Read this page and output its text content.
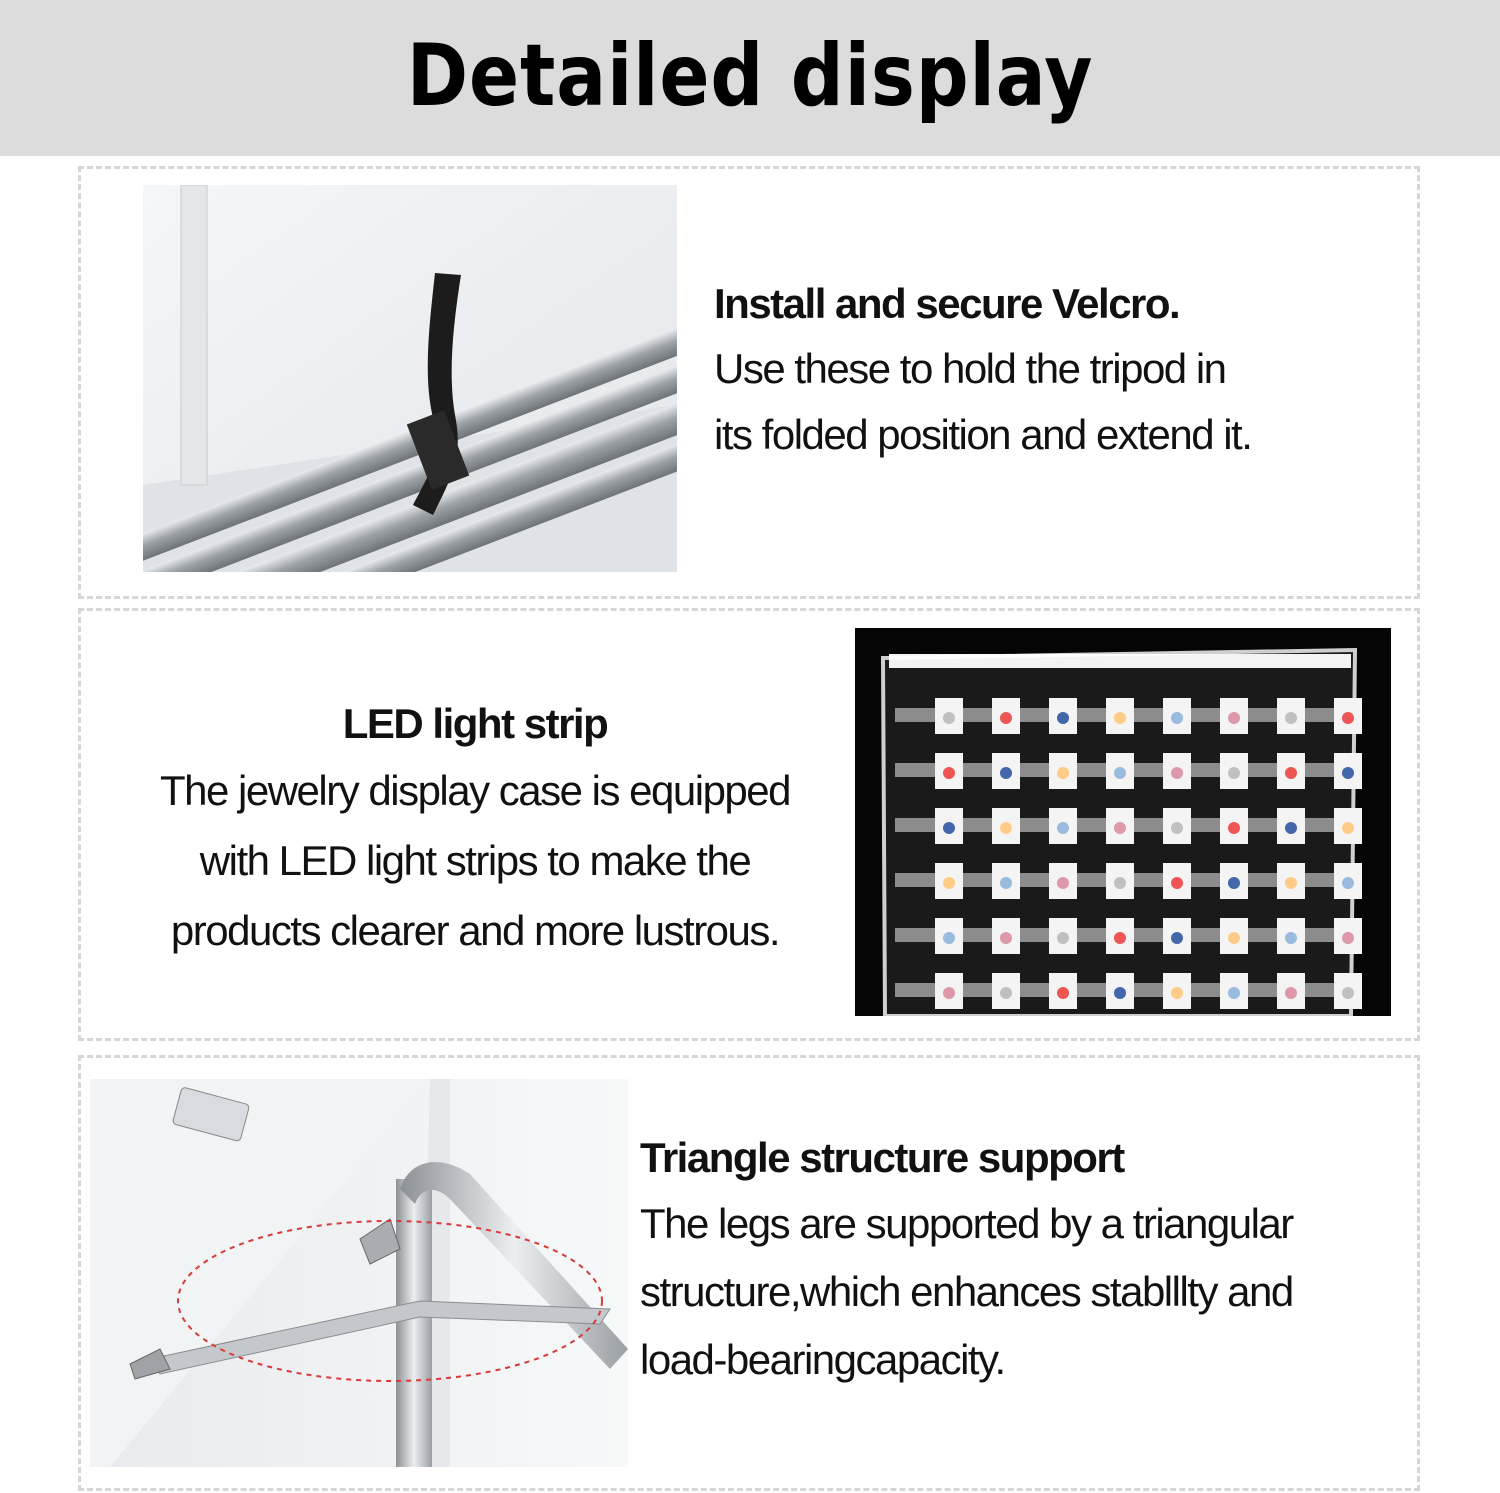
Detailed display
Install and secure Velcro.
Use these to hold the tripod in
its folded position and extend it.
LED light strip
The jewelry display case is equipped
with LED light strips to make the
products clearer and more lustrous.
Triangle structure support
The legs are supported by a triangular
structure,which enhances stablllty and
load-bearingcapacity.
